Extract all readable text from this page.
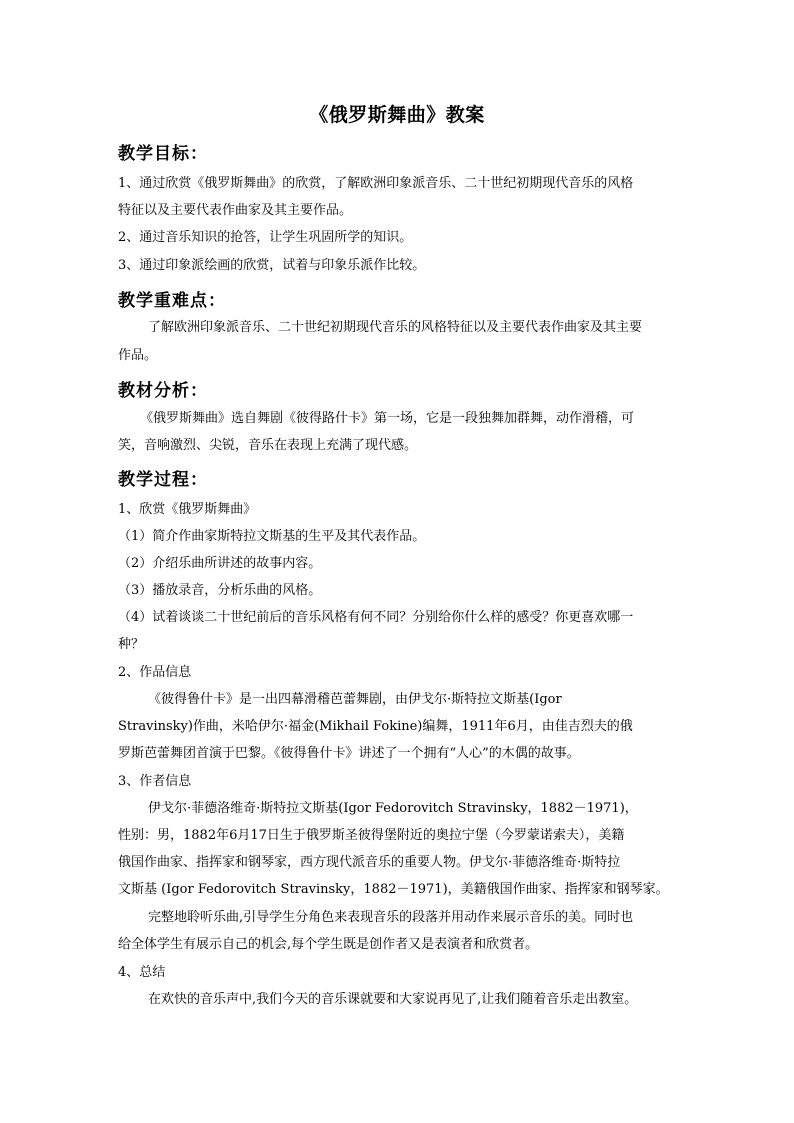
《俄罗斯舞曲》教案
教学目标：
1、通过欣赏《俄罗斯舞曲》的欣赏，了解欧洲印象派音乐、二十世纪初期现代音乐的风格
特征以及主要代表作曲家及其主要作品。
2、通过音乐知识的抢答，让学生巩固所学的知识。
3、通过印象派绘画的欣赏，试着与印象乐派作比较。
教学重难点：
了解欧洲印象派音乐、二十世纪初期现代音乐的风格特征以及主要代表作曲家及其主要
作品。
教材分析：
《俄罗斯舞曲》选自舞剧《彼得路什卡》第一场，它是一段独舞加群舞，动作滑稽，可
笑，音响激烈、尖锐，音乐在表现上充满了现代感。
教学过程：
1、欣赏《俄罗斯舞曲》
（1）简介作曲家斯特拉文斯基的生平及其代表作品。
（2）介绍乐曲所讲述的故事内容。
（3）播放录音，分析乐曲的风格。
（4）试着谈谈二十世纪前后的音乐风格有何不同？分别给你什么样的感受？你更喜欢哪一
种？
2、作品信息
《彼得鲁什卡》是一出四幕滑稽芭蕾舞剧，由伊戈尔·斯特拉文斯基(Igor
Stravinsky)作曲，米哈伊尔·福金(Mikhail Fokine)编舞，1911年6月，由佳吉烈夫的俄
罗斯芭蕾舞团首演于巴黎。《彼得鲁什卡》讲述了一个拥有“人心”的木偶的故事。
3、作者信息
伊戈尔·菲德洛维奇·斯特拉文斯基(Igor Fedorovitch Stravinsky，1882－1971)，
性别：男，1882年6月17日生于俄罗斯圣彼得堡附近的奥拉宁堡（今罗蒙诺索夫），美籍
俄国作曲家、指挥家和钢琴家，西方现代派音乐的重要人物。伊戈尔·菲德洛维奇·斯特拉
文斯基 (Igor Fedorovitch Stravinsky，1882－1971)，美籍俄国作曲家、指挥家和钢琴家。
完整地聆听乐曲,引导学生分角色来表现音乐的段落并用动作来展示音乐的美。同时也
给全体学生有展示自己的机会,每个学生既是创作者又是表演者和欣赏者。
4、总结
在欢快的音乐声中,我们今天的音乐课就要和大家说再见了,让我们随着音乐走出教室。
